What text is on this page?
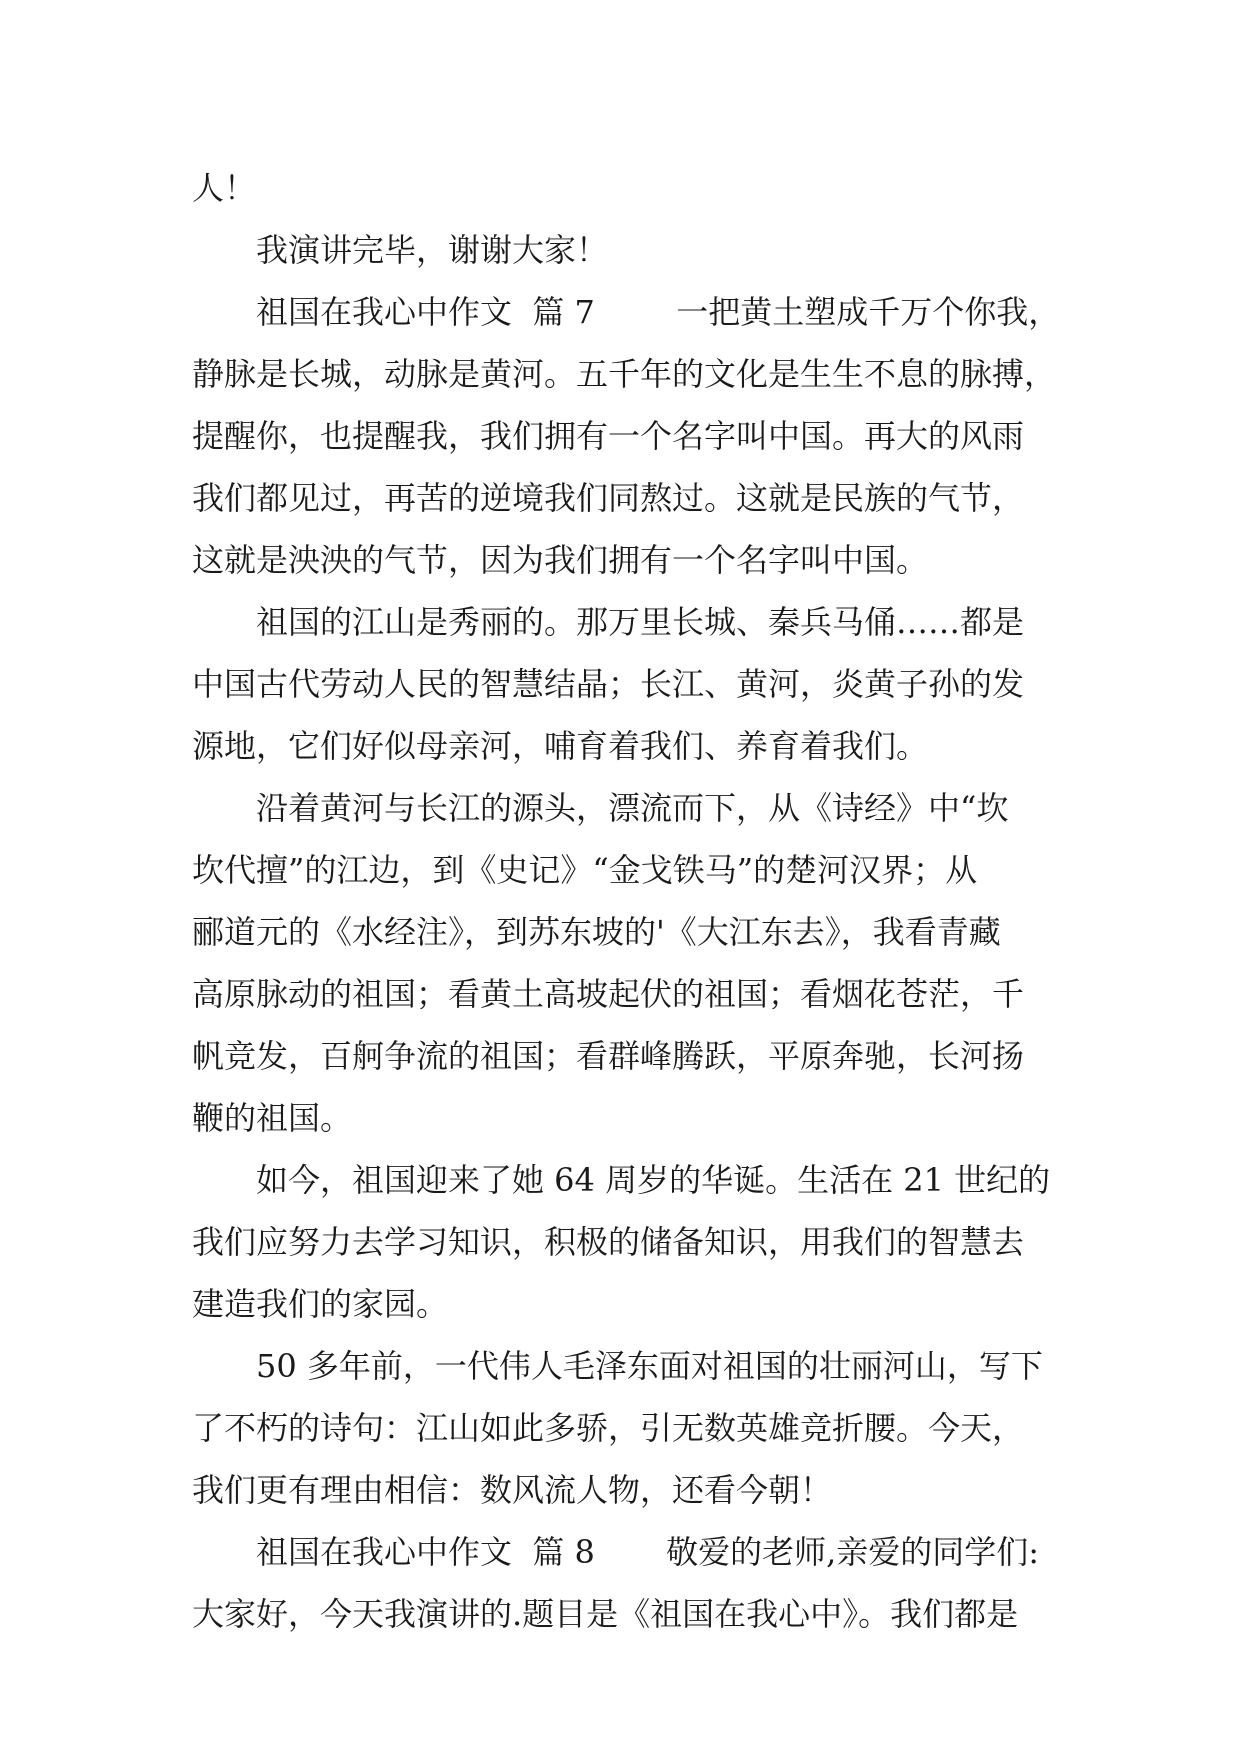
人！
我演讲完毕，谢谢大家！
祖国在我心中作文  篇 7        一把黄土塑成千万个你我，
静脉是长城，动脉是黄河。五千年的文化是生生不息的脉搏，
提醒你，也提醒我，我们拥有一个名字叫中国。再大的风雨
我们都见过，再苦的逆境我们同熬过。这就是民族的气节，
这就是泱泱的气节，因为我们拥有一个名字叫中国。
祖国的江山是秀丽的。那万里长城、秦兵马俑……都是
中国古代劳动人民的智慧结晶；长江、黄河，炎黄子孙的发
源地，它们好似母亲河，哺育着我们、养育着我们。
沿着黄河与长江的源头，漂流而下，从《诗经》中“坎
坎代擅”的江边，到《史记》“金戈铁马”的楚河汉界；从
郦道元的《水经注》，到苏东坡的'《大江东去》，我看青藏
高原脉动的祖国；看黄土高坡起伏的祖国；看烟花苍茫，千
帆竞发，百舸争流的祖国；看群峰腾跃，平原奔驰，长河扬
鞭的祖国。
如今，祖国迎来了她 64 周岁的华诞。生活在 21 世纪的
我们应努力去学习知识，积极的储备知识，用我们的智慧去
建造我们的家园。
50 多年前，一代伟人毛泽东面对祖国的壮丽河山，写下
了不朽的诗句：江山如此多骄，引无数英雄竞折腰。今天，
我们更有理由相信：数风流人物，还看今朝！
祖国在我心中作文  篇 8       敬爱的老师,亲爱的同学们:
大家好，今天我演讲的.题目是《祖国在我心中》。我们都是
